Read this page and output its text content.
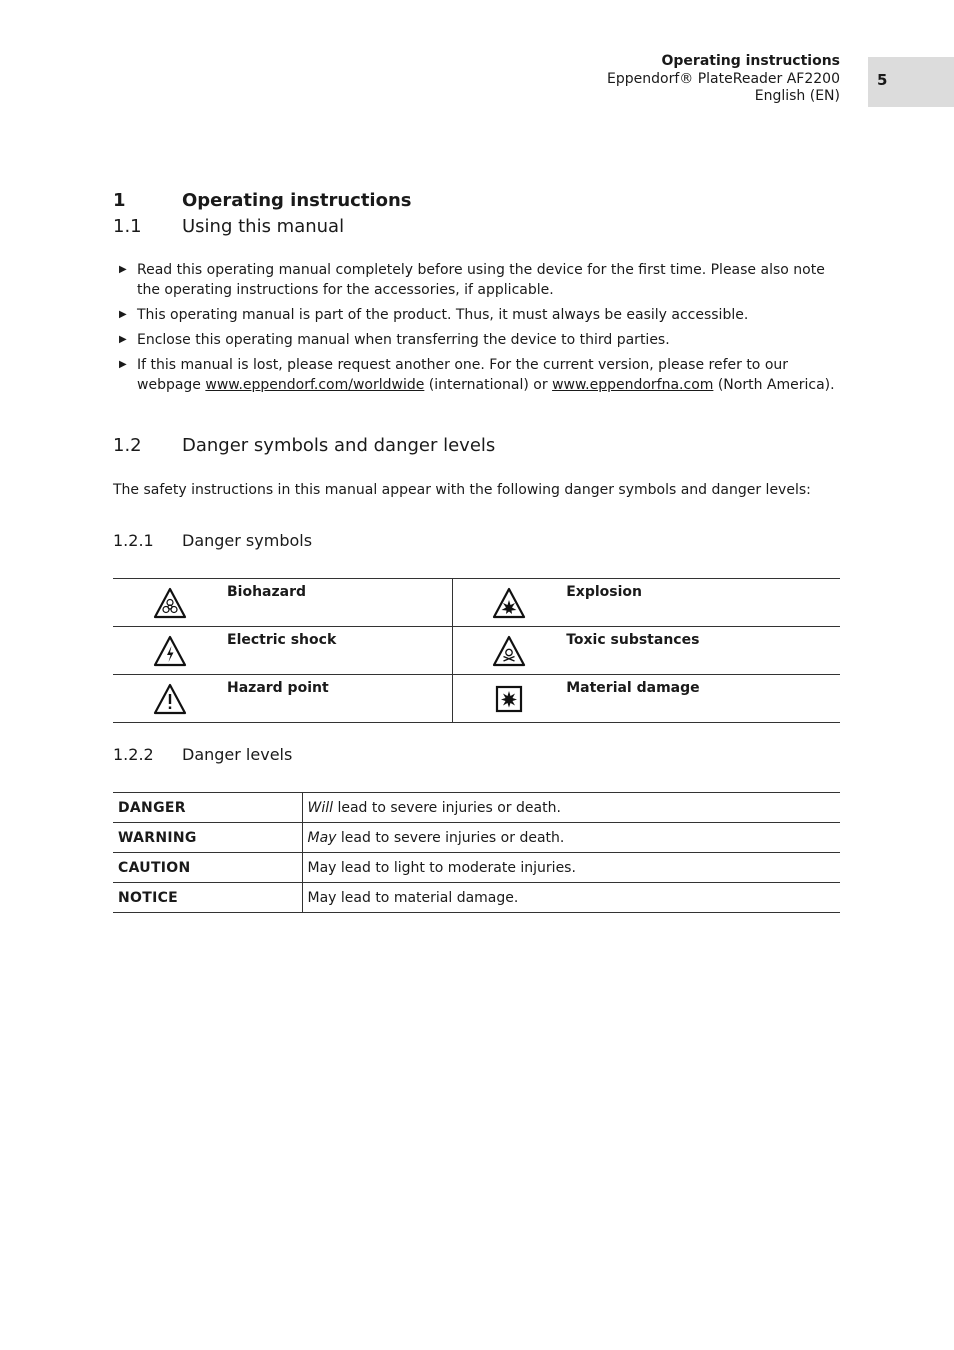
Operating instructions
Eppendorf® PlateReader AF2200
English (EN)
5
1	Operating instructions
1.1 Using this manual
▶ Read this operating manual completely before using the device for the first time. Please also note the operating instructions for the accessories, if applicable.
▶ This operating manual is part of the product. Thus, it must always be easily accessible.
▶ Enclose this operating manual when transferring the device to third parties.
▶ If this manual is lost, please request another one. For the current version, please refer to our webpage www.eppendorf.com/worldwide (international) or www.eppendorfna.com (North America).
1.2 Danger symbols and danger levels
The safety instructions in this manual appear with the following danger symbols and danger levels:
1.2.1 Danger symbols
	Biohazard		Explosion
	Electric shock		Toxic substances
	Hazard point		Material damage
1.2.2 Danger levels
DANGER	Will lead to severe injuries or death.
WARNING	May lead to severe injuries or death.
CAUTION	May lead to light to moderate injuries.
NOTICE	May lead to material damage.
